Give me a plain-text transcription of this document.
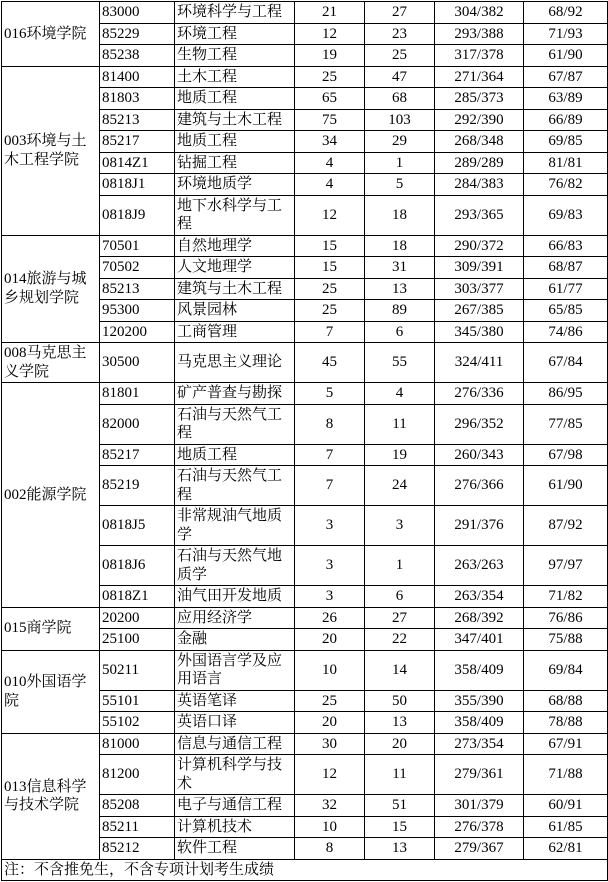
016环境学院	83000	环境科学与工程	21	27	304/382	68/92
	85229	环境工程	12	23	293/388	71/93
	85238	生物工程	19	25	317/378	61/90
003环境与土木工程学院	81400	土木工程	25	47	271/364	67/87
	81803	地质工程	65	68	285/373	63/89
	85213	建筑与土木工程	75	103	292/390	66/89
	85217	地质工程	34	29	268/348	69/85
	0814Z1	钻掘工程	4	1	289/289	81/81
	0818J1	环境地质学	4	5	284/383	76/82
	0818J9	地下水科学与工程	12	18	293/365	69/83
014旅游与城乡规划学院	70501	自然地理学	15	18	290/372	66/83
	70502	人文地理学	15	31	309/391	68/87
	85213	建筑与土木工程	25	13	303/377	61/77
	95300	风景园林	25	89	267/385	65/85
	120200	工商管理	7	6	345/380	74/86
008马克思主义学院	30500	马克思主义理论	45	55	324/411	67/84
002能源学院	81801	矿产普查与勘探	5	4	276/336	86/95
	82000	石油与天然气工程	8	11	296/352	77/85
	85217	地质工程	7	19	260/343	67/98
	85219	石油与天然气工程	7	24	276/366	61/90
	0818J5	非常规油气地质学	3	3	291/376	87/92
	0818J6	石油与天然气地质学	3	1	263/263	97/97
	0818Z1	油气田开发地质	3	6	263/354	71/82
015商学院	20200	应用经济学	26	27	268/392	76/86
	25100	金融	20	22	347/401	75/88
010外国语学院	50211	外国语言学及应用语言	10	14	358/409	69/84
	55101	英语笔译	25	50	355/390	68/88
	55102	英语口译	20	13	358/409	78/88
013信息科学与技术学院	81000	信息与通信工程	30	20	273/354	67/91
	81200	计算机科学与技术	12	11	279/361	71/88
	85208	电子与通信工程	32	51	301/379	60/91
	85211	计算机技术	10	15	276/378	61/85
	85212	软件工程	8	13	279/367	62/81
注：不含推免生，不含专项计划考生成绩						
